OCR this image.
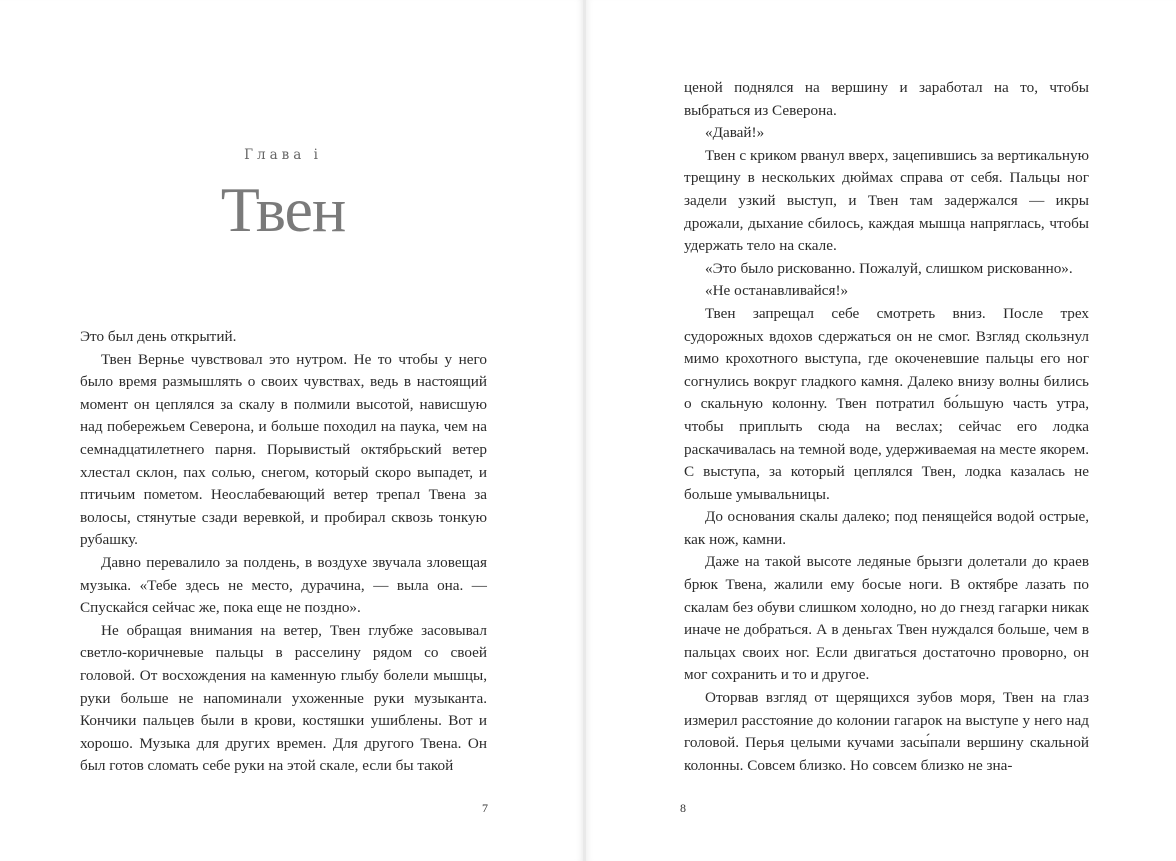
Глава i
Твен

Это был день открытий.

Твен Вернье чувствовал это нутром. Не то чтобы у него было время размышлять о своих чувствах, ведь в настоящий момент он цеплялся за скалу в полмили высотой, нависшую над побережьем Северона, и больше походил на паука, чем на семнадцатилетнего парня. Порывистый октябрьский ветер хлестал склон, пах солью, снегом, который скоро выпадет, и птичьим пометом. Неослабевающий ветер трепал Твена за волосы, стянутые сзади веревкой, и пробирал сквозь тонкую рубашку.

Давно перевалило за полдень, в воздухе звучала зловещая музыка. «Тебе здесь не место, дурачина, — выла она. — Спускайся сейчас же, пока еще не поздно».

Не обращая внимания на ветер, Твен глубже засовывал светло-коричневые пальцы в расселину рядом со своей головой. От восхождения на каменную глыбу болели мышцы, руки больше не напоминали ухоженные руки музыканта. Кончики пальцев были в крови, костяшки ушиблены. Вот и хорошо. Музыка для других времен. Для другого Твена. Он был готов сломать себе руки на этой скале, если бы такой

7

ценой поднялся на вершину и заработал на то, чтобы выбраться из Северона.

«Давай!»

Твен с криком рванул вверх, зацепившись за вертикальную трещину в нескольких дюймах справа от себя. Пальцы ног задели узкий выступ, и Твен там задержался — икры дрожали, дыхание сбилось, каждая мышца напряглась, чтобы удержать тело на скале.

«Это было рискованно. Пожалуй, слишком рискованно».

«Не останавливайся!»

Твен запрещал себе смотреть вниз. После трех судорожных вдохов сдержаться он не смог. Взгляд скользнул мимо крохотного выступа, где окоченевшие пальцы его ног согнулись вокруг гладкого камня. Далеко внизу волны бились о скальную колонну. Твен потратил бо́льшую часть утра, чтобы приплыть сюда на веслах; сейчас его лодка раскачивалась на темной воде, удерживаемая на месте якорем. С выступа, за который цеплялся Твен, лодка казалась не больше умывальницы.

До основания скалы далеко; под пенящейся водой острые, как нож, камни.

Даже на такой высоте ледяные брызги долетали до краев брюк Твена, жалили ему босые ноги. В октябре лазать по скалам без обуви слишком холодно, но до гнезд гагарки никак иначе не добраться. А в деньгах Твен нуждался больше, чем в пальцах своих ног. Если двигаться достаточно проворно, он мог сохранить и то и другое.

Оторвав взгляд от щерящихся зубов моря, Твен на глаз измерил расстояние до колонии гагарок на выступе у него над головой. Перья целыми кучами засы́пали вершину скальной колонны. Совсем близко. Но совсем близко не зна-

8
